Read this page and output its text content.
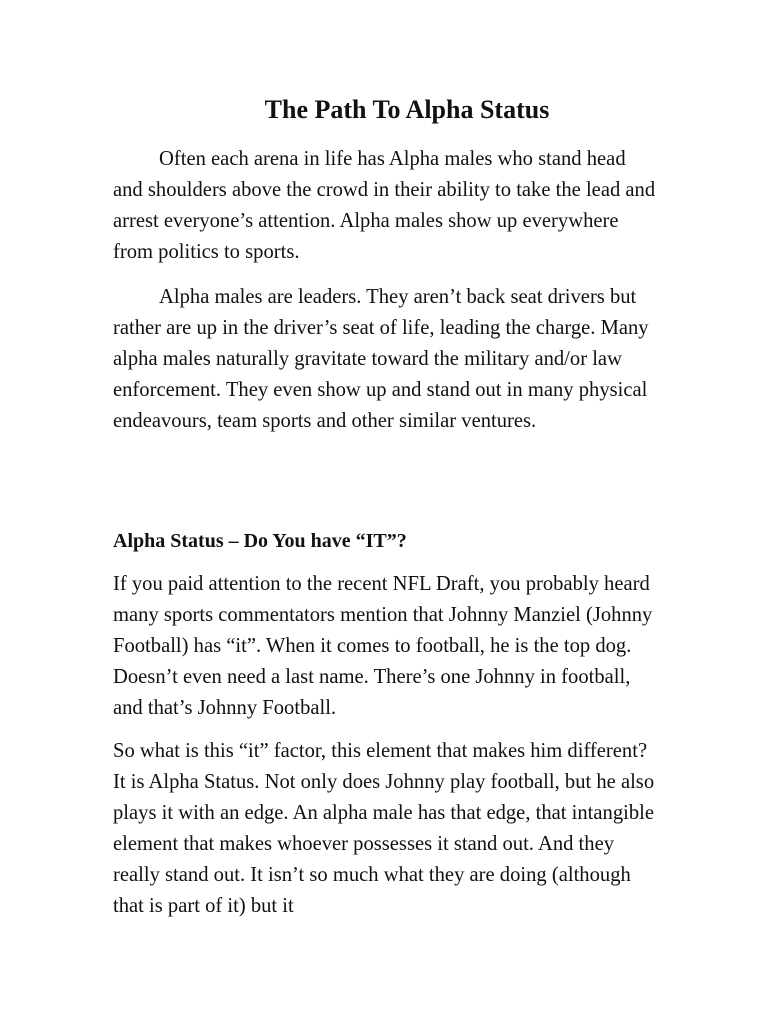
The Path To Alpha Status

Often each arena in life has Alpha males who stand head and shoulders above the crowd in their ability to take the lead and arrest everyone’s attention. Alpha males show up everywhere from politics to sports.

Alpha males are leaders. They aren’t back seat drivers but rather are up in the driver’s seat of life, leading the charge. Many alpha males naturally gravitate toward the military and/or law enforcement. They even show up and stand out in many physical endeavours, team sports and other similar ventures.

Alpha Status – Do You have “IT”?

If you paid attention to the recent NFL Draft, you probably heard many sports commentators mention that Johnny Manziel (Johnny Football) has “it”. When it comes to football, he is the top dog. Doesn’t even need a last name. There’s one Johnny in football, and that’s Johnny Football.

So what is this “it” factor, this element that makes him different? It is Alpha Status. Not only does Johnny play football, but he also plays it with an edge. An alpha male has that edge, that intangible element that makes whoever possesses it stand out. And they really stand out. It isn’t so much what they are doing (although that is part of it) but it
